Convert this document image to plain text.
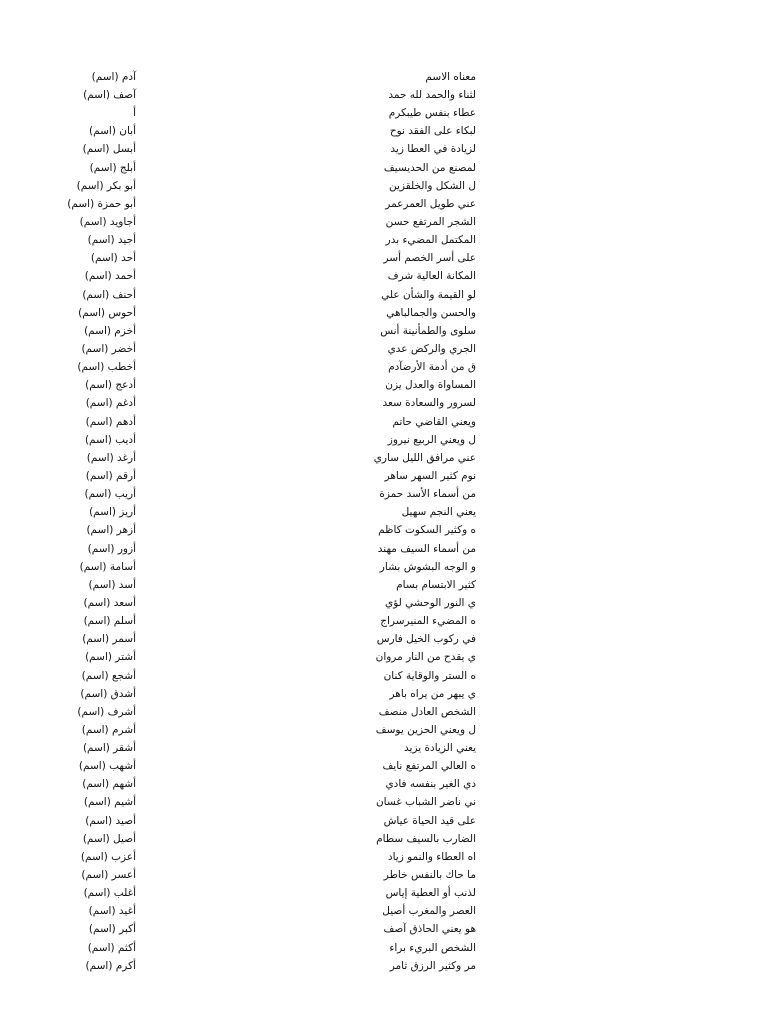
معناه الاسم
آدم (اسم)
لثناء والحمد لله حمد
آصف (اسم)
عطاء بنفس طيبكرم
أ
لبكاء على الفقد نوح
أبان (اسم)
لزيادة في العطا زيد
أبسل (اسم)
لمصنع من الحديسيف
أبلج (اسم)
ل الشكل والخلقزين
أبو بكر (اسم)
عني طويل العمرعمر
أبو حمزة (اسم)
الشجر المرتفع حسن
أجاويد (اسم)
المكتمل المضيء بدر
أجيد (اسم)
على أسر الخصم أسر
أحد (اسم)
المكانة العالية شرف
أحمد (اسم)
لو القيمة والشأن علي
أحنف (اسم)
والحسن والجمالباهي
أحوس (اسم)
سلوى والطمأنينة أنس
أخزم (اسم)
الجري والركض عدي
أخضر (اسم)
ق من أدمة الأرضآدم
أخطب (اسم)
المساواة والعدل يزن
أدعج (اسم)
لسرور والسعادة سعد
أدغم (اسم)
ويعني القاضي حاتم
أدهم (اسم)
ل ويعني الربيع نيروز
أديب (اسم)
عني مرافق الليل ساري
أرغد (اسم)
نوم كثير السهر ساهر
أرقم (اسم)
من أسماء الأسد حمزة
أريب (اسم)
يعني النجم سهيل
أريز (اسم)
ه وكثير السكوت كاظم
أزهر (اسم)
من أسماء السيف مهند
أزور (اسم)
و الوجه البشوش بشار
أسامة (اسم)
كثير الابتسام بسام
أسد (اسم)
ي النور الوحشي لؤي
أسعد (اسم)
ه المضيء المنيرسراج
أسلم (اسم)
في ركوب الخيل فارس
أسمر (اسم)
ي يقدح من النار مروان
أشتر (اسم)
ه الستر والوقاية كنان
أشجع (اسم)
ي يبهر من يراه باهر
أشدق (اسم)
الشخص العادل منصف
أشرف (اسم)
ل ويعني الحزين يوسف
أشرم (اسم)
يعني الزيادة يزيد
أشقر (اسم)
ه العالي المرتفع نايف
أشهب (اسم)
دي الغير بنفسه فادي
أشهم (اسم)
ني ناضر الشباب غسان
أشيم (اسم)
على قيد الحياة عياش
أصيد (اسم)
الضارب بالسيف سطام
أصيل (اسم)
اه العطاء والنمو زياد
أعزب (اسم)
ما حاك بالنفس خاطر
أعسر (اسم)
لذنب أو العطية إياس
أغلب (اسم)
العصر والمغرب أصيل
أغيد (اسم)
هو يعني الحاذق آصف
أكبر (اسم)
الشخص البريء براء
أكثم (اسم)
مر وكثير الرزق ثامر
أكرم (اسم)
